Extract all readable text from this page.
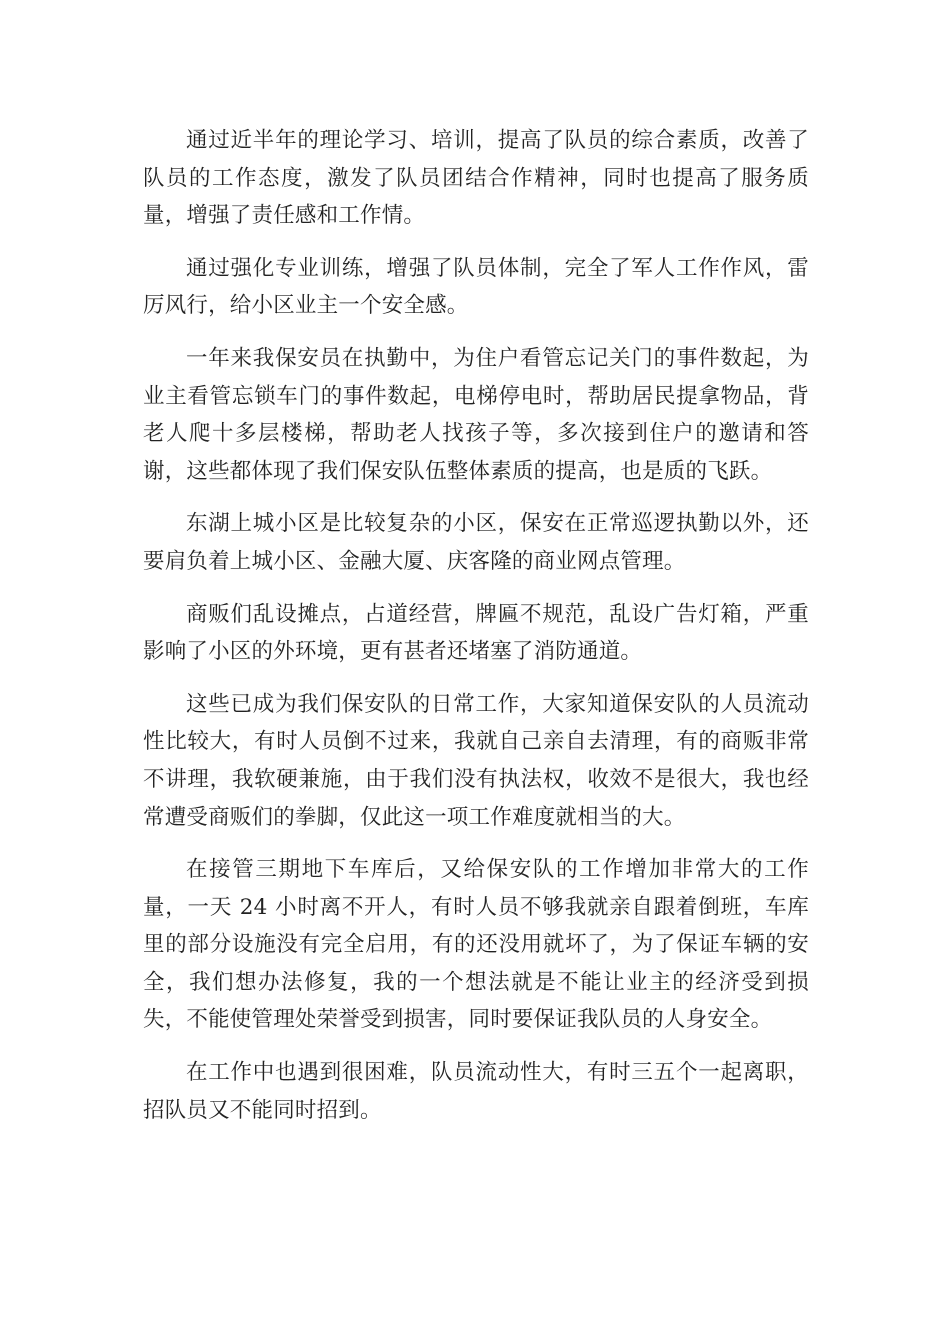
通过近半年的理论学习、培训，提高了队员的综合素质，改善了队员的工作态度，激发了队员团结合作精神，同时也提高了服务质量，增强了责任感和工作情。

通过强化专业训练，增强了队员体制，完全了军人工作作风，雷厉风行，给小区业主一个安全感。

一年来我保安员在执勤中，为住户看管忘记关门的事件数起，为业主看管忘锁车门的事件数起，电梯停电时，帮助居民提拿物品，背老人爬十多层楼梯，帮助老人找孩子等，多次接到住户的邀请和答谢，这些都体现了我们保安队伍整体素质的提高，也是质的飞跃。

东湖上城小区是比较复杂的小区，保安在正常巡逻执勤以外，还要肩负着上城小区、金融大厦、庆客隆的商业网点管理。

商贩们乱设摊点，占道经营，牌匾不规范，乱设广告灯箱，严重影响了小区的外环境，更有甚者还堵塞了消防通道。

这些已成为我们保安队的日常工作，大家知道保安队的人员流动性比较大，有时人员倒不过来，我就自己亲自去清理，有的商贩非常不讲理，我软硬兼施，由于我们没有执法权，收效不是很大，我也经常遭受商贩们的拳脚，仅此这一项工作难度就相当的大。

在接管三期地下车库后，又给保安队的工作增加非常大的工作量，一天 24 小时离不开人，有时人员不够我就亲自跟着倒班，车库里的部分设施没有完全启用，有的还没用就坏了，为了保证车辆的安全，我们想办法修复，我的一个想法就是不能让业主的经济受到损失，不能使管理处荣誉受到损害，同时要保证我队员的人身安全。

在工作中也遇到很困难，队员流动性大，有时三五个一起离职，招队员又不能同时招到。
